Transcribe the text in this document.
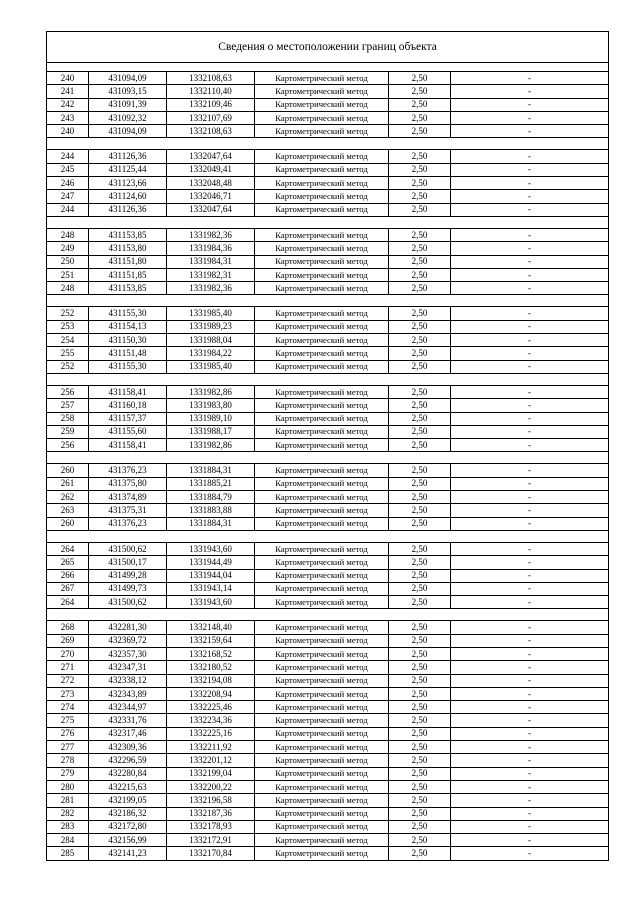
Сведения о местоположении границ объекта					

240	431094,09	1332108,63	Картометрический метод	2,50	-
241	431093,15	1332110,40	Картометрический метод	2,50	-
242	431091,39	1332109,46	Картометрический метод	2,50	-
243	431092,32	1332107,69	Картометрический метод	2,50	-
240	431094,09	1332108,63	Картометрический метод	2,50	-

244	431126,36	1332047,64	Картометрический метод	2,50	-
245	431125,44	1332049,41	Картометрический метод	2,50	-
246	431123,66	1332048,48	Картометрический метод	2,50	-
247	431124,60	1332046,71	Картометрический метод	2,50	-
244	431126,36	1332047,64	Картометрический метод	2,50	-

248	431153,85	1331982,36	Картометрический метод	2,50	-
249	431153,80	1331984,36	Картометрический метод	2,50	-
250	431151,80	1331984,31	Картометрический метод	2,50	-
251	431151,85	1331982,31	Картометрический метод	2,50	-
248	431153,85	1331982,36	Картометрический метод	2,50	-

252	431155,30	1331985,40	Картометрический метод	2,50	-
253	431154,13	1331989,23	Картометрический метод	2,50	-
254	431150,30	1331988,04	Картометрический метод	2,50	-
255	431151,48	1331984,22	Картометрический метод	2,50	-
252	431155,30	1331985,40	Картометрический метод	2,50	-

256	431158,41	1331982,86	Картометрический метод	2,50	-
257	431160,18	1331983,80	Картометрический метод	2,50	-
258	431157,37	1331989,10	Картометрический метод	2,50	-
259	431155,60	1331988,17	Картометрический метод	2,50	-
256	431158,41	1331982,86	Картометрический метод	2,50	-

260	431376,23	1331884,31	Картометрический метод	2,50	-
261	431375,80	1331885,21	Картометрический метод	2,50	-
262	431374,89	1331884,79	Картометрический метод	2,50	-
263	431375,31	1331883,88	Картометрический метод	2,50	-
260	431376,23	1331884,31	Картометрический метод	2,50	-

264	431500,62	1331943,60	Картометрический метод	2,50	-
265	431500,17	1331944,49	Картометрический метод	2,50	-
266	431499,28	1331944,04	Картометрический метод	2,50	-
267	431499,73	1331943,14	Картометрический метод	2,50	-
264	431500,62	1331943,60	Картометрический метод	2,50	-

268	432281,30	1332148,40	Картометрический метод	2,50	-
269	432369,72	1332159,64	Картометрический метод	2,50	-
270	432357,30	1332168,52	Картометрический метод	2,50	-
271	432347,31	1332180,52	Картометрический метод	2,50	-
272	432338,12	1332194,08	Картометрический метод	2,50	-
273	432343,89	1332208,94	Картометрический метод	2,50	-
274	432344,97	1332225,46	Картометрический метод	2,50	-
275	432331,76	1332234,36	Картометрический метод	2,50	-
276	432317,46	1332225,16	Картометрический метод	2,50	-
277	432309,36	1332211,92	Картометрический метод	2,50	-
278	432296,59	1332201,12	Картометрический метод	2,50	-
279	432280,84	1332199,04	Картометрический метод	2,50	-
280	432215,63	1332200,22	Картометрический метод	2,50	-
281	432199,05	1332196,58	Картометрический метод	2,50	-
282	432186,32	1332187,36	Картометрический метод	2,50	-
283	432172,80	1332178,93	Картометрический метод	2,50	-
284	432156,99	1332172,91	Картометрический метод	2,50	-
285	432141,23	1332170,84	Картометрический метод	2,50	-
